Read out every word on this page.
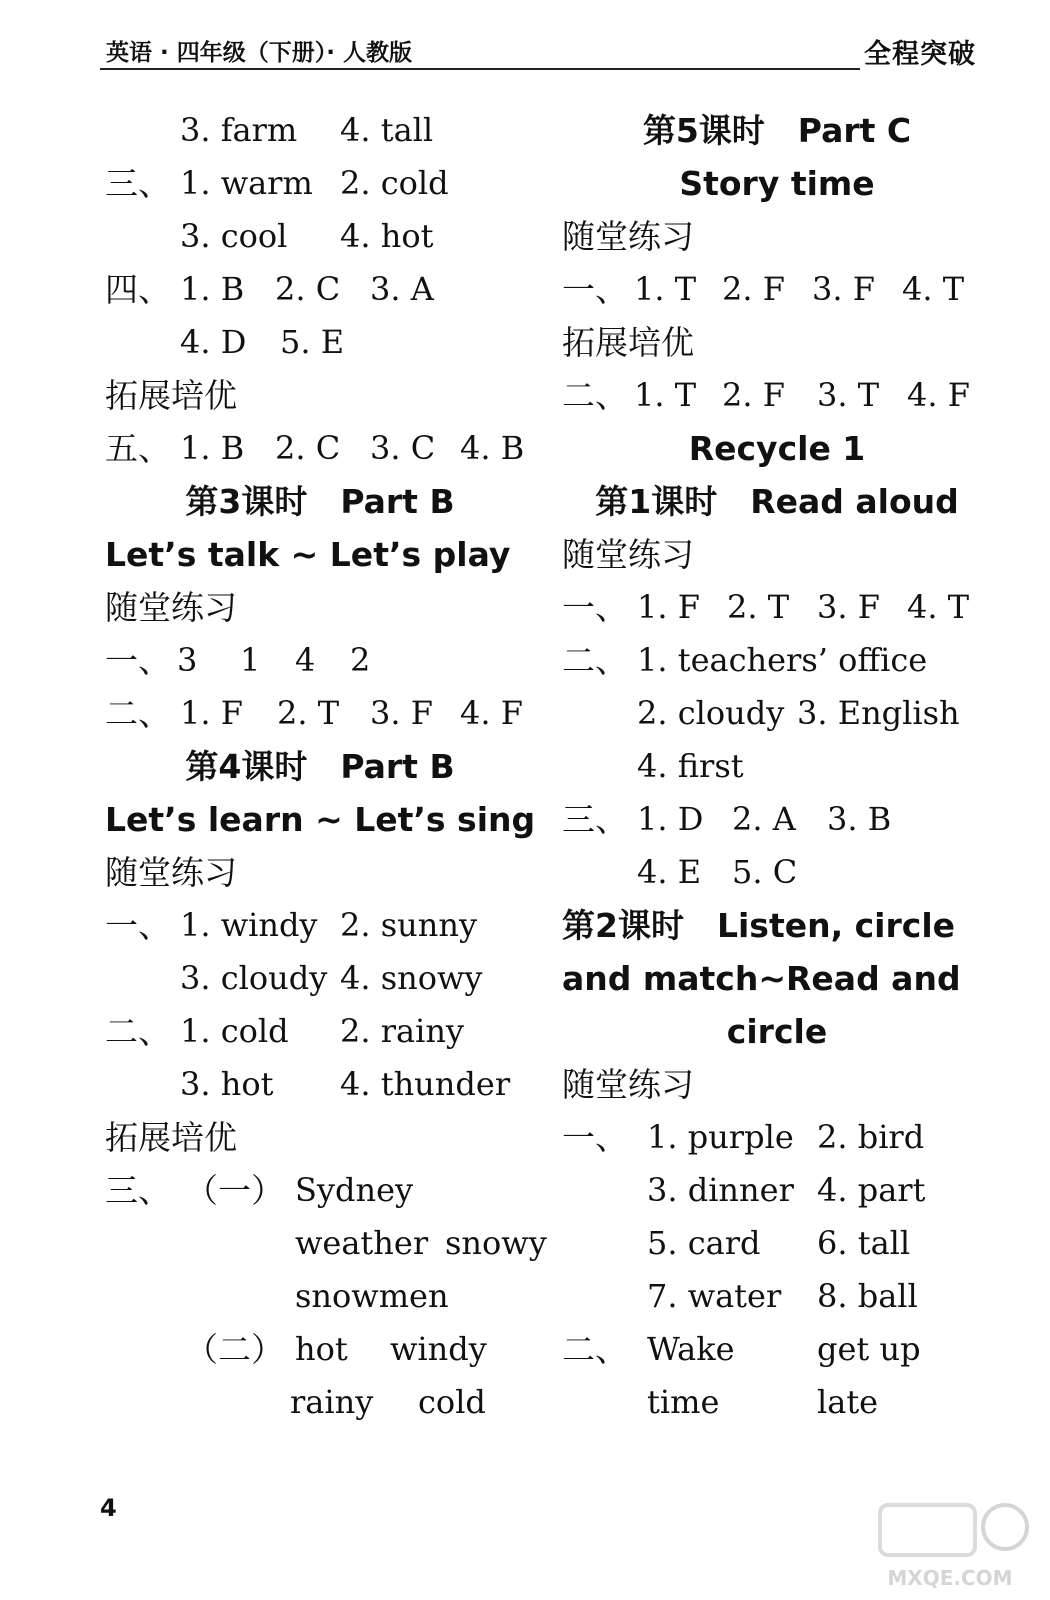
英语 · 四年级（下册）· 人教版	全程突破
3. farm 4. tall
三、 1. warm 2. cold
3. cool 4. hot
四、 1. B 2. C 3. A
4. D 5. E
拓展培优
五、 1. B 2. C 3. C 4. B
第3课时　Part B
Let’s talk ~ Let’s play
随堂练习
一、 3 1 4 2
二、 1. F 2. T 3. F 4. F
第4课时　Part B
Let’s learn ~ Let’s sing
随堂练习
一、 1. windy 2. sunny
3. cloudy 4. snowy
二、 1. cold 2. rainy
3. hot 4. thunder
拓展培优
三、 （一） Sydney
weather snowy
snowmen
（二） hot windy
rainy cold
第5课时　Part C
Story time
随堂练习
一、 1. T 2. F 3. F 4. T
拓展培优
二、 1. T 2. F 3. T 4. F
Recycle 1
第1课时　Read aloud
随堂练习
一、 1. F 2. T 3. F 4. T
二、 1. teachers’ office
2. cloudy 3. English
4. first
三、 1. D 2. A 3. B
4. E 5. C
第2课时　Listen, circle
and match~Read and
circle
随堂练习
一、 1. purple 2. bird
3. dinner 4. part
5. card 6. tall
7. water 8. ball
二、 Wake	get up
time	late
4
MXQE.COM
